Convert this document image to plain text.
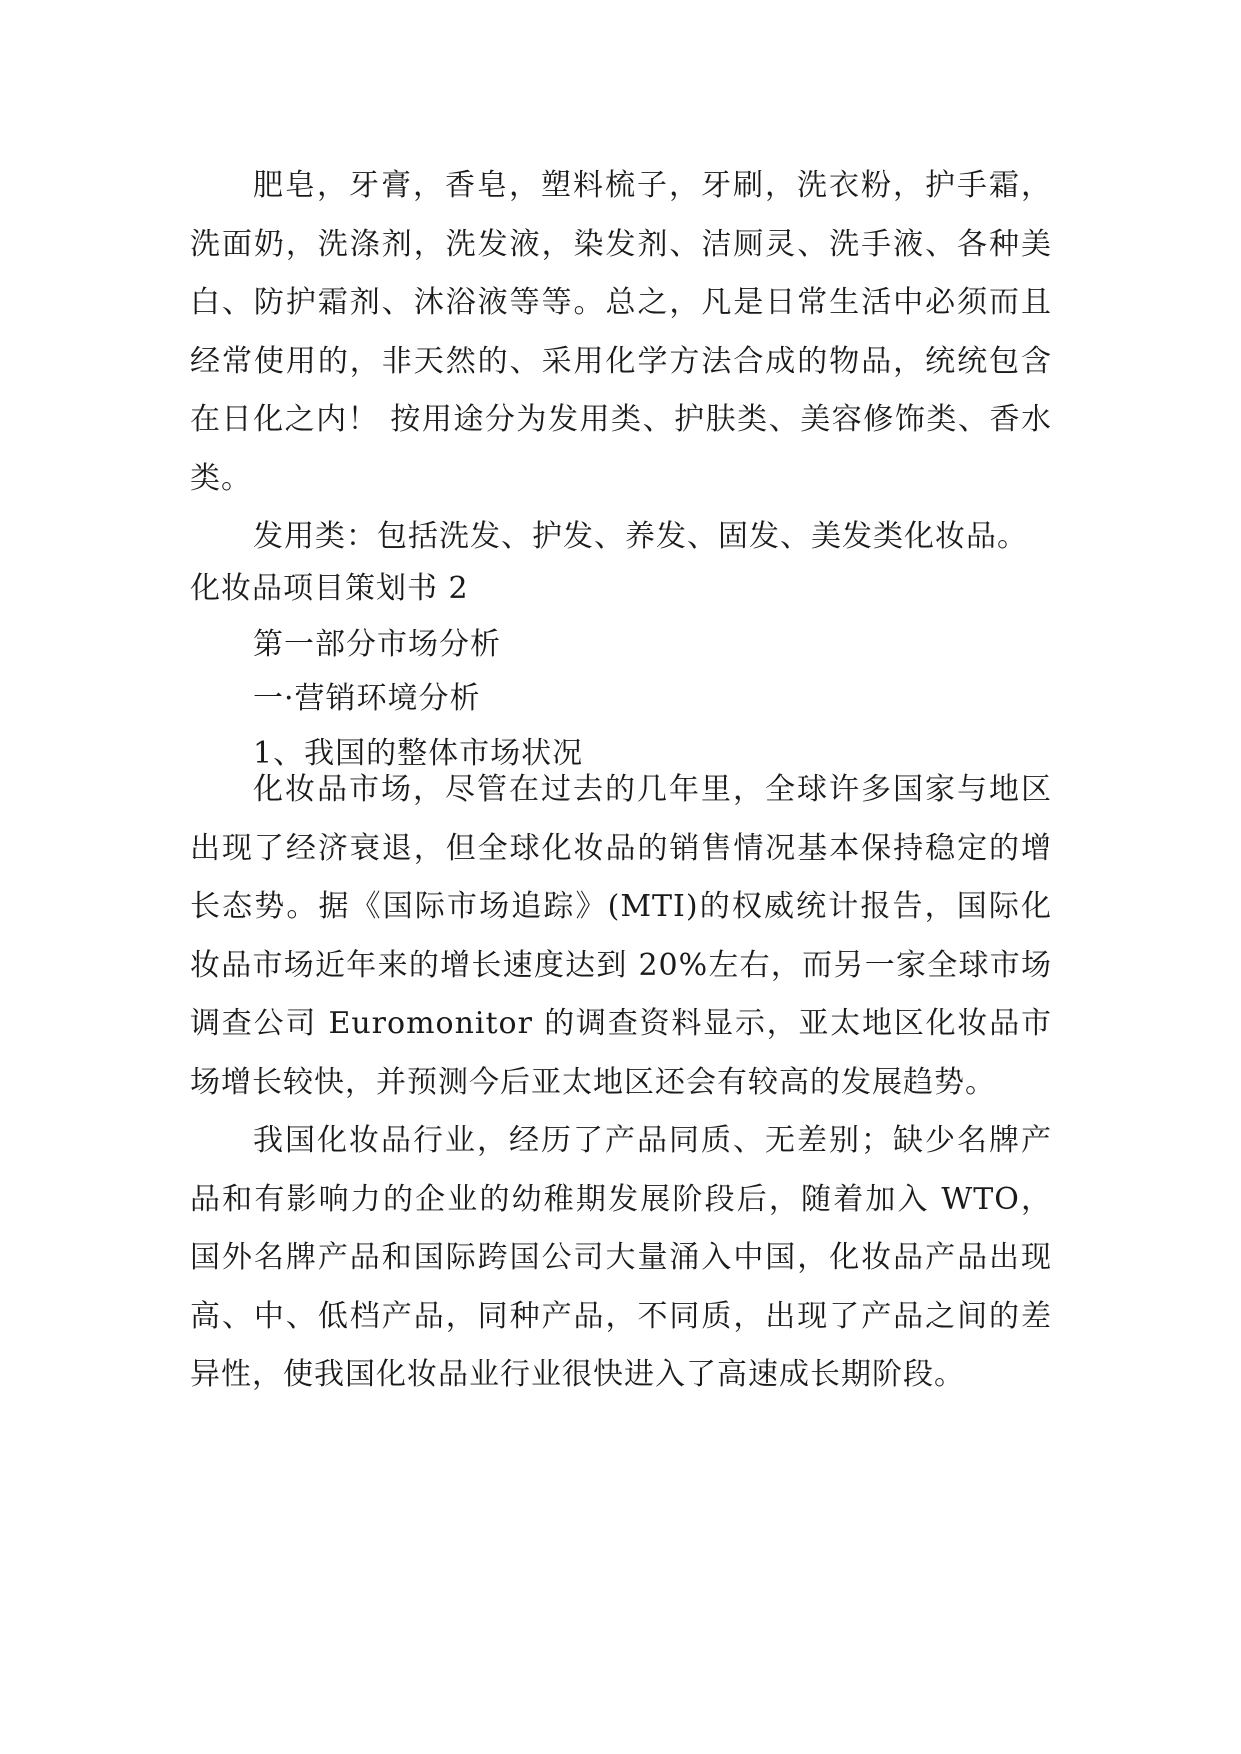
肥皂，牙膏，香皂，塑料梳子，牙刷，洗衣粉，护手霜，洗面奶，洗涤剂，洗发液，染发剂、洁厕灵、洗手液、各种美白、防护霜剂、沐浴液等等。总之，凡是日常生活中必须而且经常使用的，非天然的、采用化学方法合成的物品，统统包含在日化之内！ 按用途分为发用类、护肤类、美容修饰类、香水类。

发用类：包括洗发、护发、养发、固发、美发类化妆品。

化妆品项目策划书 2

第一部分市场分析

一·营销环境分析

1、我国的整体市场状况

化妆品市场，尽管在过去的几年里，全球许多国家与地区出现了经济衰退，但全球化妆品的销售情况基本保持稳定的增长态势。据《国际市场追踪》(MTI)的权威统计报告，国际化妆品市场近年来的增长速度达到 20%左右，而另一家全球市场调查公司 Euromonitor 的调查资料显示，亚太地区化妆品市场增长较快，并预测今后亚太地区还会有较高的发展趋势。

我国化妆品行业，经历了产品同质、无差别；缺少名牌产品和有影响力的企业的幼稚期发展阶段后，随着加入 WTO，国外名牌产品和国际跨国公司大量涌入中国，化妆品产品出现高、中、低档产品，同种产品，不同质，出现了产品之间的差异性，使我国化妆品业行业很快进入了高速成长期阶段。
